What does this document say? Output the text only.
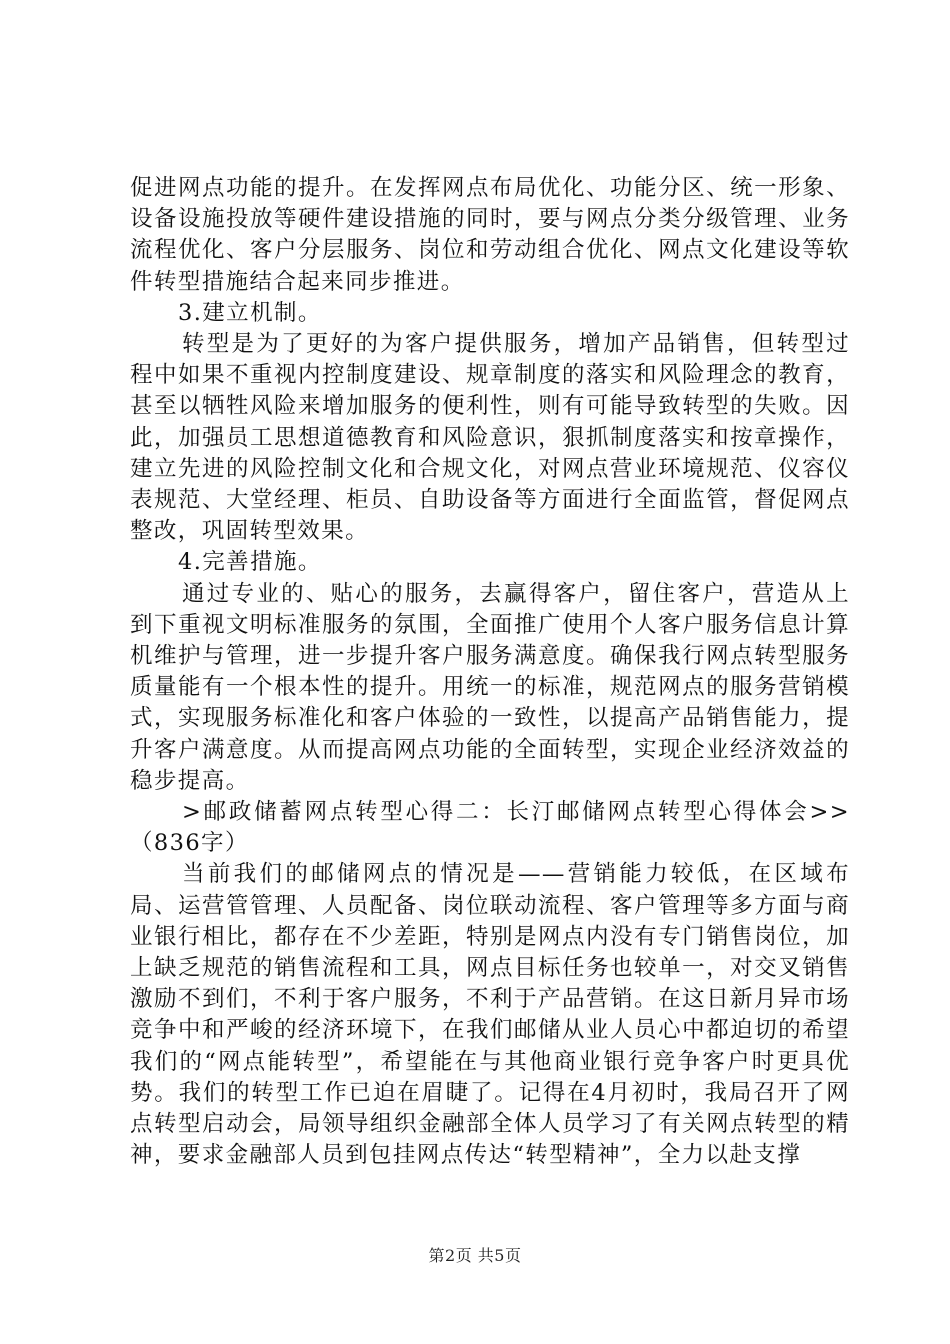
促进网点功能的提升。在发挥网点布局优化、功能分区、统一形象、设备设施投放等硬件建设措施的同时，要与网点分类分级管理、业务流程优化、客户分层服务、岗位和劳动组合优化、网点文化建设等软件转型措施结合起来同步推进。

3.建立机制。

转型是为了更好的为客户提供服务，增加产品销售，但转型过程中如果不重视内控制度建设、规章制度的落实和风险理念的教育，甚至以牺牲风险来增加服务的便利性，则有可能导致转型的失败。因此，加强员工思想道德教育和风险意识，狠抓制度落实和按章操作，建立先进的风险控制文化和合规文化，对网点营业环境规范、仪容仪表规范、大堂经理、柜员、自助设备等方面进行全面监管，督促网点整改，巩固转型效果。

4.完善措施。

通过专业的、贴心的服务，去赢得客户，留住客户，营造从上到下重视文明标准服务的氛围，全面推广使用个人客户服务信息计算机维护与管理，进一步提升客户服务满意度。确保我行网点转型服务质量能有一个根本性的提升。用统一的标准，规范网点的服务营销模式，实现服务标准化和客户体验的一致性，以提高产品销售能力，提升客户满意度。从而提高网点功能的全面转型，实现企业经济效益的稳步提高。

>邮政储蓄网点转型心得二：长汀邮储网点转型心得体会>>（836字）

当前我们的邮储网点的情况是——营销能力较低，在区域布局、运营管管理、人员配备、岗位联动流程、客户管理等多方面与商业银行相比，都存在不少差距，特别是网点内没有专门销售岗位，加上缺乏规范的销售流程和工具，网点目标任务也较单一，对交叉销售激励不到们，不利于客户服务，不利于产品营销。在这日新月异市场竞争中和严峻的经济环境下，在我们邮储从业人员心中都迫切的希望我们的“网点能转型”，希望能在与其他商业银行竞争客户时更具优势。我们的转型工作已迫在眉睫了。记得在4月初时，我局召开了网点转型启动会，局领导组织金融部全体人员学习了有关网点转型的精神，要求金融部人员到包挂网点传达“转型精神”，全力以赴支撑

第2页 共5页
